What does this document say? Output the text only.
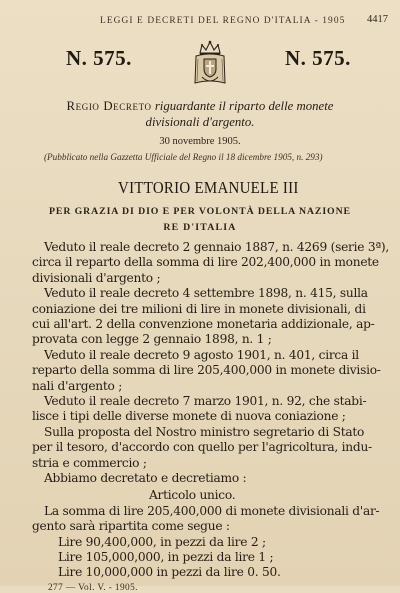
LEGGI E DECRETI DEL REGNO D'ITALIA - 1905 4417
N. 575.	N. 575.
Regio Decreto riguardante il riparto delle monete
divisionali d'argento.
30 novembre 1905.
(Pubblicato nella Gazzetta Ufficiale del Regno il 18 dicembre 1905, n. 293)
VITTORIO EMANUELE III
PER GRAZIA DI DIO E PER VOLONTÀ DELLA NAZIONE
RE D'ITALIA
Veduto il reale decreto 2 gennaio 1887, n. 4269 (serie 3ª),
circa il reparto della somma di lire 202,400,000 in monete
divisionali d'argento ;
Veduto il reale decreto 4 settembre 1898, n. 415, sulla
coniazione dei tre milioni di lire in monete divisionali, di
cui all'art. 2 della convenzione monetaria addizionale, ap-
provata con legge 2 gennaio 1898, n. 1 ;
Veduto il reale decreto 9 agosto 1901, n. 401, circa il
reparto della somma di lire 205,400,000 in monete divisio-
nali d'argento ;
Veduto il reale decreto 7 marzo 1901, n. 92, che stabi-
lisce i tipi delle diverse monete di nuova coniazione ;
Sulla proposta del Nostro ministro segretario di Stato
per il tesoro, d'accordo con quello per l'agricoltura, indu-
stria e commercio ;
Abbiamo decretato e decretiamo :
Articolo unico.
La somma di lire 205,400,000 di monete divisionali d'ar-
gento sarà ripartita come segue :
Lire 90,400,000, in pezzi da lire 2 ;
277 — Vol. V. - 1905.
Lire 105,000,000, in pezzi da lire 1 ;
Lire 10,000,000 in pezzi da lire 0. 50.
